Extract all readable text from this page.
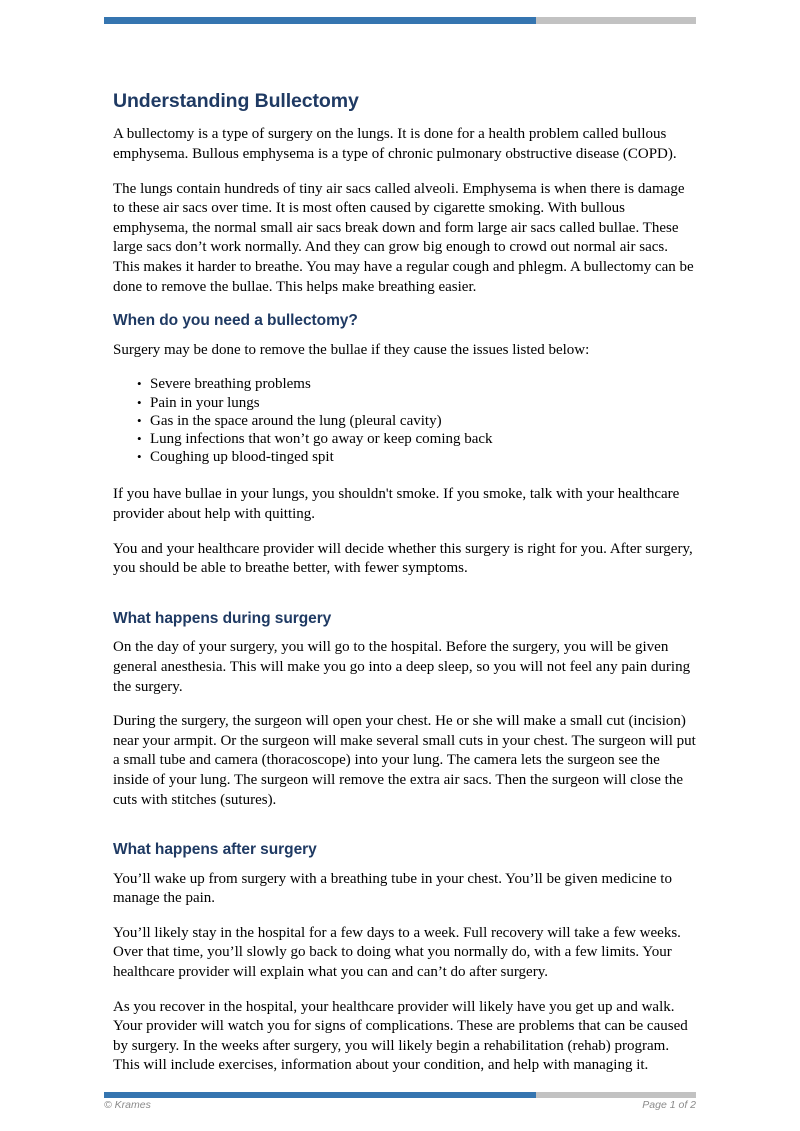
Understanding Bullectomy

A bullectomy is a type of surgery on the lungs. It is done for a health problem called bullous emphysema. Bullous emphysema is a type of chronic pulmonary obstructive disease (COPD).

The lungs contain hundreds of tiny air sacs called alveoli. Emphysema is when there is damage to these air sacs over time. It is most often caused by cigarette smoking. With bullous emphysema, the normal small air sacs break down and form large air sacs called bullae. These large sacs don’t work normally. And they can grow big enough to crowd out normal air sacs. This makes it harder to breathe. You may have a regular cough and phlegm. A bullectomy can be done to remove the bullae. This helps make breathing easier.

When do you need a bullectomy?

Surgery may be done to remove the bullae if they cause the issues listed below:

• Severe breathing problems
• Pain in your lungs
• Gas in the space around the lung (pleural cavity)
• Lung infections that won’t go away or keep coming back
• Coughing up blood-tinged spit

If you have bullae in your lungs, you shouldn't smoke. If you smoke, talk with your healthcare provider about help with quitting.

You and your healthcare provider will decide whether this surgery is right for you. After surgery, you should be able to breathe better, with fewer symptoms.

What happens during surgery

On the day of your surgery, you will go to the hospital. Before the surgery, you will be given general anesthesia. This will make you go into a deep sleep, so you will not feel any pain during the surgery.

During the surgery, the surgeon will open your chest. He or she will make a small cut (incision) near your armpit. Or the surgeon will make several small cuts in your chest. The surgeon will put a small tube and camera (thoracoscope) into your lung. The camera lets the surgeon see the inside of your lung. The surgeon will remove the extra air sacs. Then the surgeon will close the cuts with stitches (sutures).

What happens after surgery

You’ll wake up from surgery with a breathing tube in your chest. You’ll be given medicine to manage the pain.

You’ll likely stay in the hospital for a few days to a week. Full recovery will take a few weeks. Over that time, you’ll slowly go back to doing what you normally do, with a few limits. Your healthcare provider will explain what you can and can’t do after surgery.

As you recover in the hospital, your healthcare provider will likely have you get up and walk. Your provider will watch you for signs of complications. These are problems that can be caused by surgery. In the weeks after surgery, you will likely begin a rehabilitation (rehab) program. This will include exercises, information about your condition, and help with managing it.

© Krames	Page 1 of 2
